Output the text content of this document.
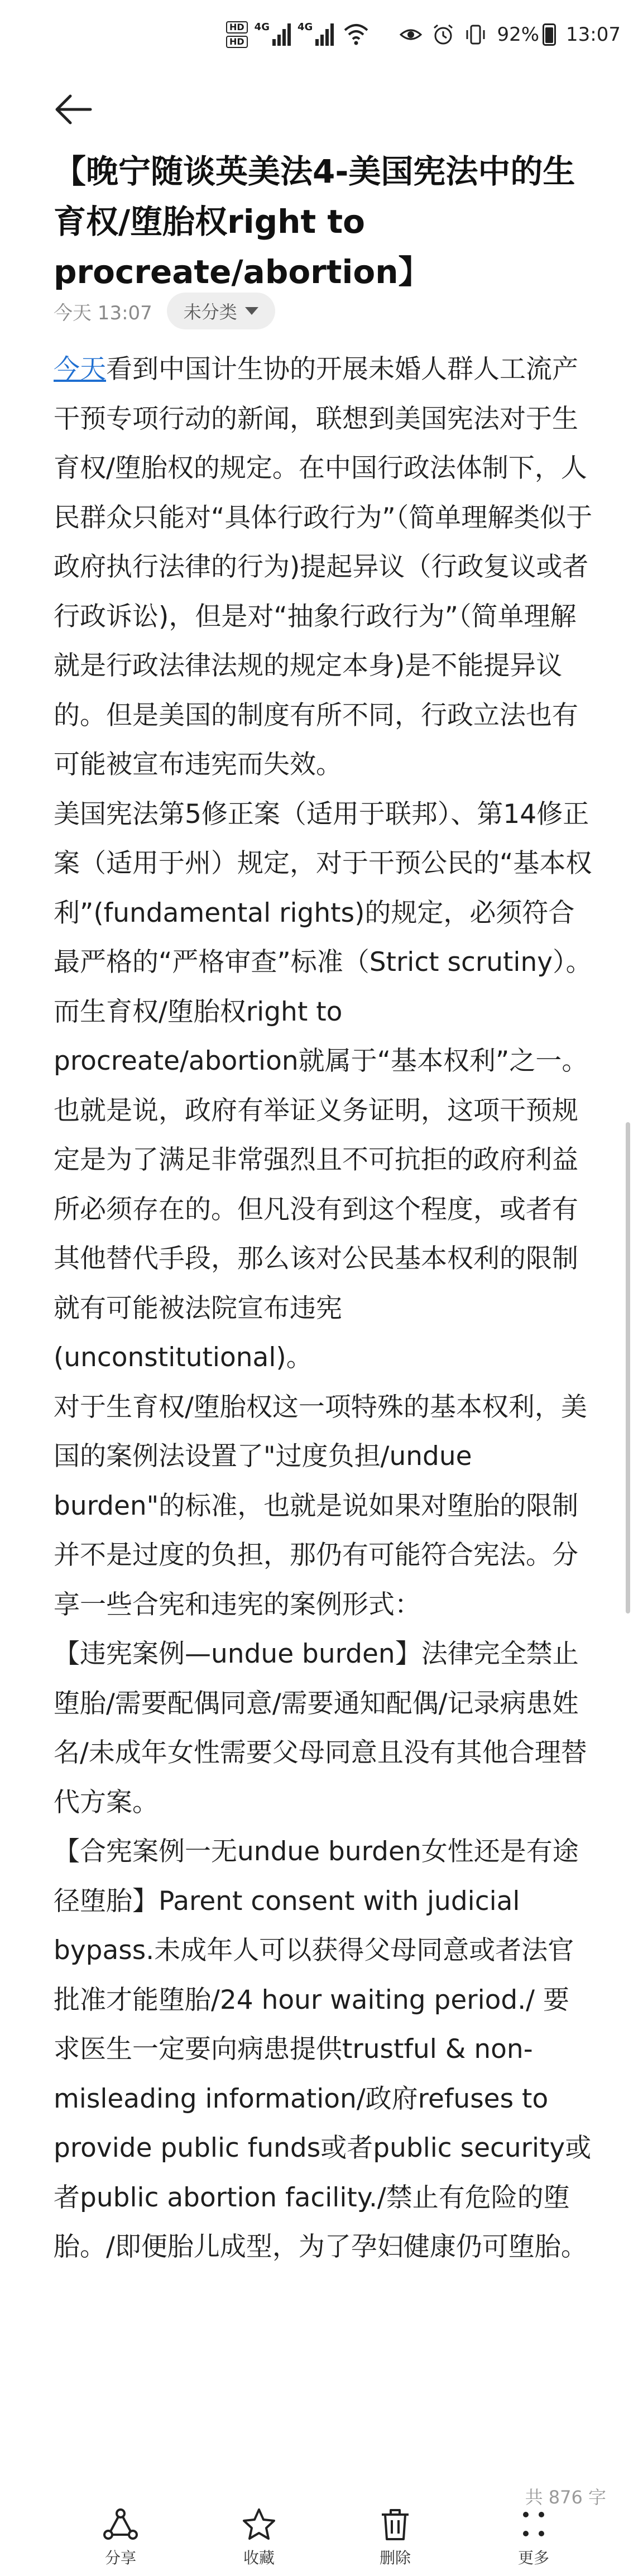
HD
HD
4G	4G	92% 13:07
【晚宁随谈英美法4-美国宪法中的生育权/堕胎权right to procreate/abortion】
今天 13:07 未分类

今天看到中国计生协的开展未婚人群人工流产干预专项行动的新闻，联想到美国宪法对于生育权/堕胎权的规定。在中国行政法体制下，人民群众只能对“具体行政行为”（简单理解类似于政府执行法律的行为)提起异议（行政复议或者行政诉讼)，但是对“抽象行政行为”（简单理解就是行政法律法规的规定本身)是不能提异议的。但是美国的制度有所不同，行政立法也有可能被宣布违宪而失效。

美国宪法第5修正案（适用于联邦）、第14修正案（适用于州）规定，对于干预公民的“基本权利”(fundamental rights)的规定，必须符合最严格的“严格审查”标准（Strict scrutiny）。而生育权/堕胎权right to procreate/abortion就属于“基本权利”之一。也就是说，政府有举证义务证明，这项干预规定是为了满足非常强烈且不可抗拒的政府利益所必须存在的。但凡没有到这个程度，或者有其他替代手段，那么该对公民基本权利的限制就有可能被法院宣布违宪(unconstitutional)。

对于生育权/堕胎权这一项特殊的基本权利，美国的案例法设置了"过度负担/undue burden"的标准，也就是说如果对堕胎的限制并不是过度的负担，那仍有可能符合宪法。分享一些合宪和违宪的案例形式：

【违宪案例—undue burden】法律完全禁止堕胎/需要配偶同意/需要通知配偶/记录病患姓名/未成年女性需要父母同意且没有其他合理替代方案。

【合宪案例一无undue burden女性还是有途径堕胎】Parent consent with judicial bypass.未成年人可以获得父母同意或者法官批准才能堕胎/24 hour waiting period./ 要求医生一定要向病患提供trustful & non-misleading information/政府refuses to provide public funds或者public security或者public abortion facility./禁止有危险的堕胎。/即便胎儿成型，为了孕妇健康仍可堕胎。

共 876 字
分享	收藏	删除	更多
